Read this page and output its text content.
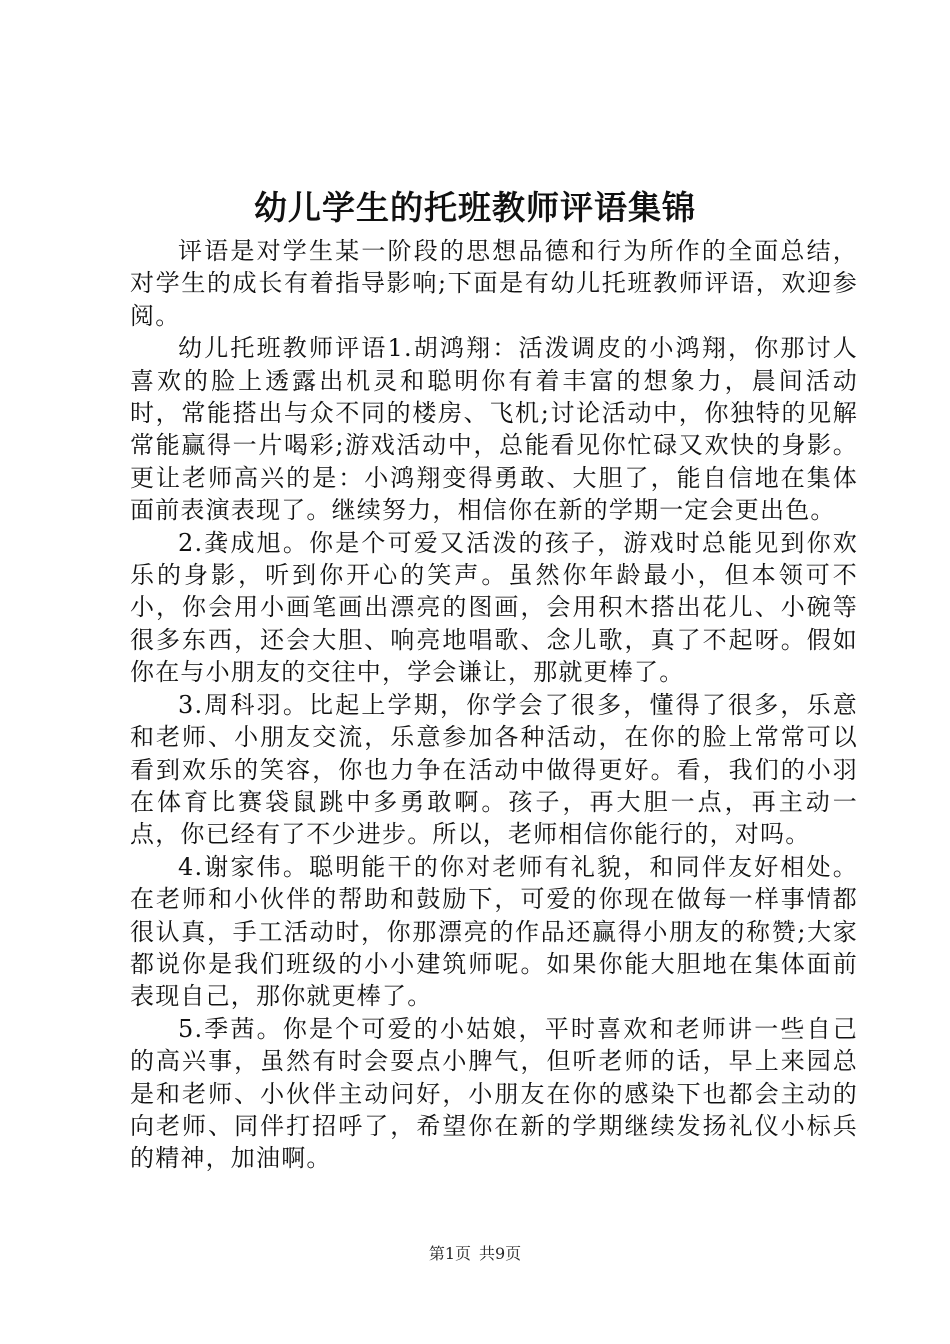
幼儿学生的托班教师评语集锦

评语是对学生某一阶段的思想品德和行为所作的全面总结，对学生的成长有着指导影响;下面是有幼儿托班教师评语，欢迎参阅。

幼儿托班教师评语1.胡鸿翔：活泼调皮的小鸿翔，你那讨人喜欢的脸上透露出机灵和聪明你有着丰富的想象力，晨间活动时，常能搭出与众不同的楼房、飞机;讨论活动中，你独特的见解常能赢得一片喝彩;游戏活动中，总能看见你忙碌又欢快的身影。更让老师高兴的是：小鸿翔变得勇敢、大胆了，能自信地在集体面前表演表现了。继续努力，相信你在新的学期一定会更出色。

2.龚成旭。你是个可爱又活泼的孩子，游戏时总能见到你欢乐的身影，听到你开心的笑声。虽然你年龄最小，但本领可不小，你会用小画笔画出漂亮的图画，会用积木搭出花儿、小碗等很多东西，还会大胆、响亮地唱歌、念儿歌，真了不起呀。假如你在与小朋友的交往中，学会谦让，那就更棒了。

3.周科羽。比起上学期，你学会了很多，懂得了很多，乐意和老师、小朋友交流，乐意参加各种活动，在你的脸上常常可以看到欢乐的笑容，你也力争在活动中做得更好。看，我们的小羽在体育比赛袋鼠跳中多勇敢啊。孩子，再大胆一点，再主动一点，你已经有了不少进步。所以，老师相信你能行的，对吗。

4.谢家伟。聪明能干的你对老师有礼貌，和同伴友好相处。在老师和小伙伴的帮助和鼓励下，可爱的你现在做每一样事情都很认真，手工活动时，你那漂亮的作品还赢得小朋友的称赞;大家都说你是我们班级的小小建筑师呢。如果你能大胆地在集体面前表现自己，那你就更棒了。

5.季茜。你是个可爱的小姑娘，平时喜欢和老师讲一些自己的高兴事，虽然有时会耍点小脾气，但听老师的话，早上来园总是和老师、小伙伴主动问好，小朋友在你的感染下也都会主动的向老师、同伴打招呼了，希望你在新的学期继续发扬礼仪小标兵的精神，加油啊。

第1页 共9页
